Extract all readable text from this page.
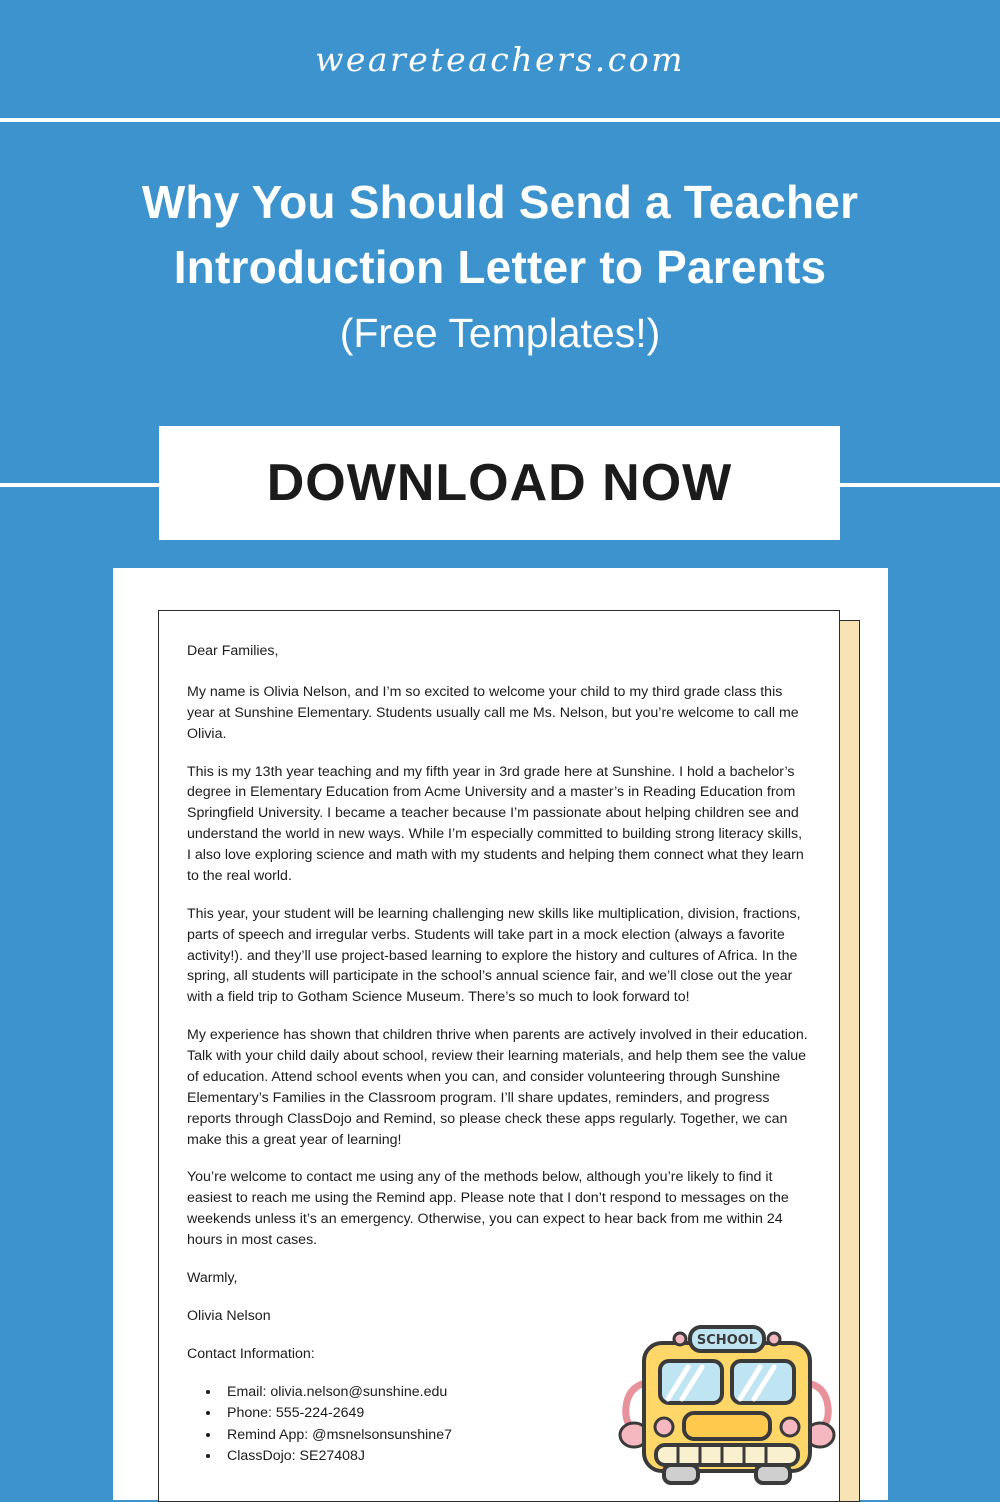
weareteachers.com
Why You Should Send a Teacher Introduction Letter to Parents
(Free Templates!)
DOWNLOAD NOW

Dear Families,

My name is Olivia Nelson, and I’m so excited to welcome your child to my third grade class this year at Sunshine Elementary. Students usually call me Ms. Nelson, but you’re welcome to call me Olivia.

This is my 13th year teaching and my fifth year in 3rd grade here at Sunshine. I hold a bachelor’s degree in Elementary Education from Acme University and a master’s in Reading Education from Springfield University. I became a teacher because I’m passionate about helping children see and understand the world in new ways. While I’m especially committed to building strong literacy skills, I also love exploring science and math with my students and helping them connect what they learn to the real world.

This year, your student will be learning challenging new skills like multiplication, division, fractions, parts of speech and irregular verbs. Students will take part in a mock election (always a favorite activity!). and they’ll use project-based learning to explore the history and cultures of Africa. In the spring, all students will participate in the school’s annual science fair, and we’ll close out the year with a field trip to Gotham Science Museum. There’s so much to look forward to!

My experience has shown that children thrive when parents are actively involved in their education. Talk with your child daily about school, review their learning materials, and help them see the value of education. Attend school events when you can, and consider volunteering through Sunshine Elementary’s Families in the Classroom program. I’ll share updates, reminders, and progress reports through ClassDojo and Remind, so please check these apps regularly. Together, we can make this a great year of learning!

You’re welcome to contact me using any of the methods below, although you’re likely to find it easiest to reach me using the Remind app. Please note that I don’t respond to messages on the weekends unless it’s an emergency. Otherwise, you can expect to hear back from me within 24 hours in most cases.

Warmly,

Olivia Nelson

Contact Information:

• Email: olivia.nelson@sunshine.edu
• Phone: 555-224-2649
• Remind App: @msnelsonsunshine7
• ClassDojo: SE27408J
SCHOOL
